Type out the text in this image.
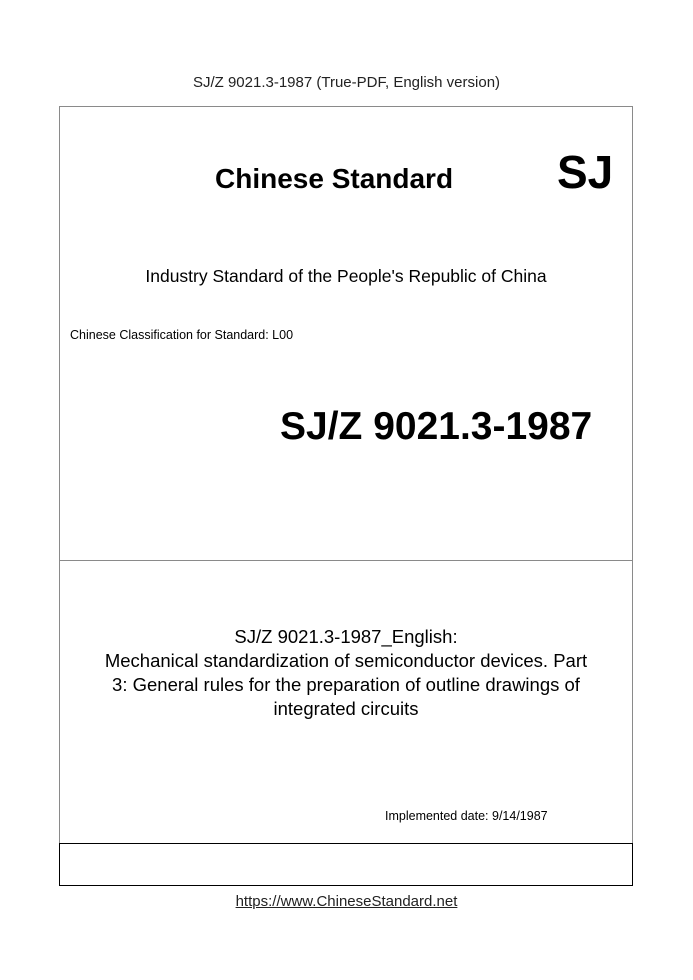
SJ/Z 9021.3-1987 (True-PDF, English version)
Chinese Standard SJ
Industry Standard of the People's Republic of China
Chinese Classification for Standard: L00
SJ/Z 9021.3-1987
SJ/Z 9021.3-1987_English:
Mechanical standardization of semiconductor devices. Part
3: General rules for the preparation of outline drawings of
integrated circuits
Implemented date: 9/14/1987
https://www.ChineseStandard.net
